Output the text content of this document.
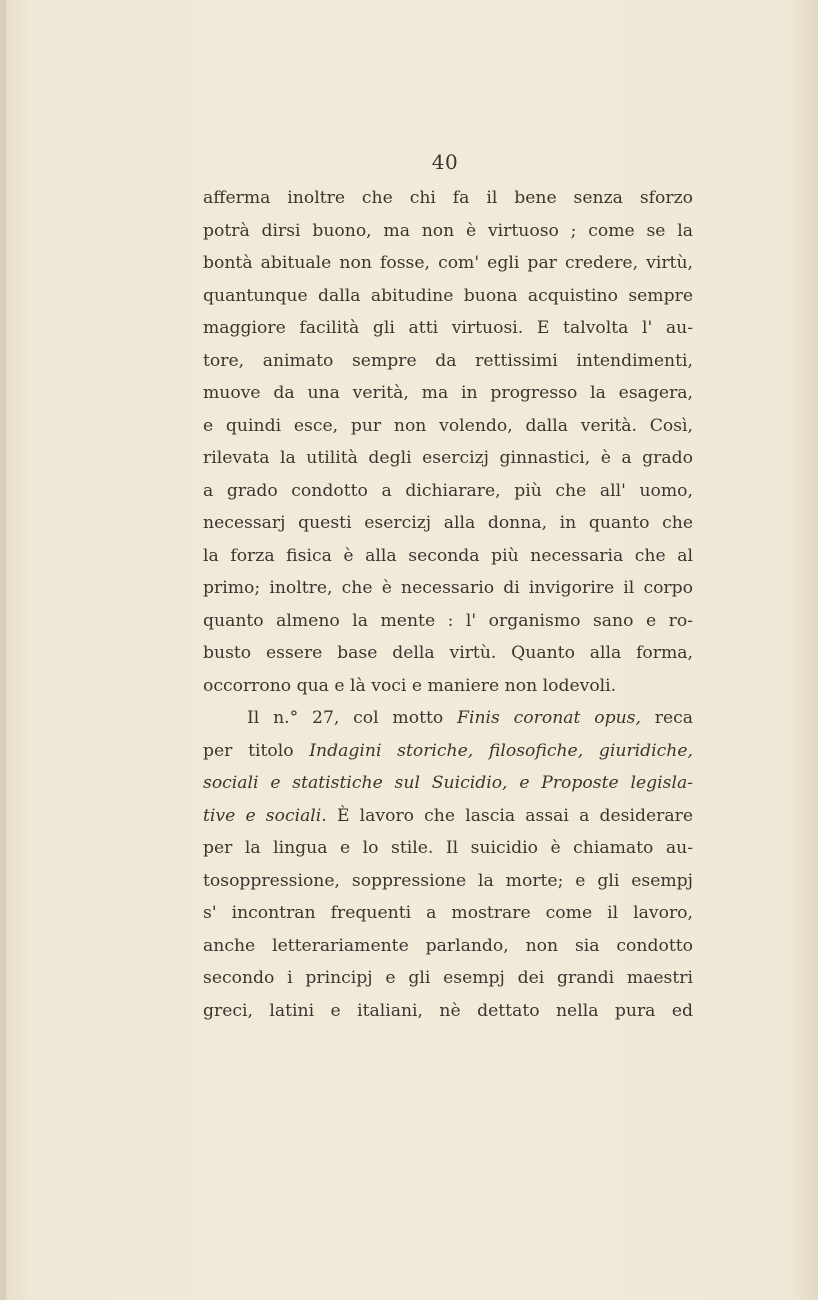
40
afferma inoltre che chi fa il bene senza sforzo
potrà dirsi buono, ma non è virtuoso ; come se la
bontà abituale non fosse, com' egli par credere, virtù,
quantunque dalla abitudine buona acquistino sempre
maggiore facilità gli atti virtuosi. E talvolta l' au-
tore, animato sempre da rettissimi intendimenti,
muove da una verità, ma in progresso la esagera,
e quindi esce, pur non volendo, dalla verità. Così,
rilevata la utilità degli esercizj ginnastici, è a grado
a grado condotto a dichiarare, più che all' uomo,
necessarj questi esercizj alla donna, in quanto che
la forza fisica è alla seconda più necessaria che al
primo; inoltre, che è necessario di invigorire il corpo
quanto almeno la mente : l' organismo sano e ro-
busto essere base della virtù. Quanto alla forma,
occorrono qua e là voci e maniere non lodevoli.
Il n.° 27, col motto Finis coronat opus, reca
per titolo Indagini storiche, filosofiche, giuridiche,
sociali e statistiche sul Suicidio, e Proposte legisla-
tive e sociali. È lavoro che lascia assai a desiderare
per la lingua e lo stile. Il suicidio è chiamato au-
tosoppressione, soppressione la morte; e gli esempj
s' incontran frequenti a mostrare come il lavoro,
anche letterariamente parlando, non sia condotto
secondo i principj e gli esempj dei grandi maestri
greci, latini e italiani, nè dettato nella pura ed
